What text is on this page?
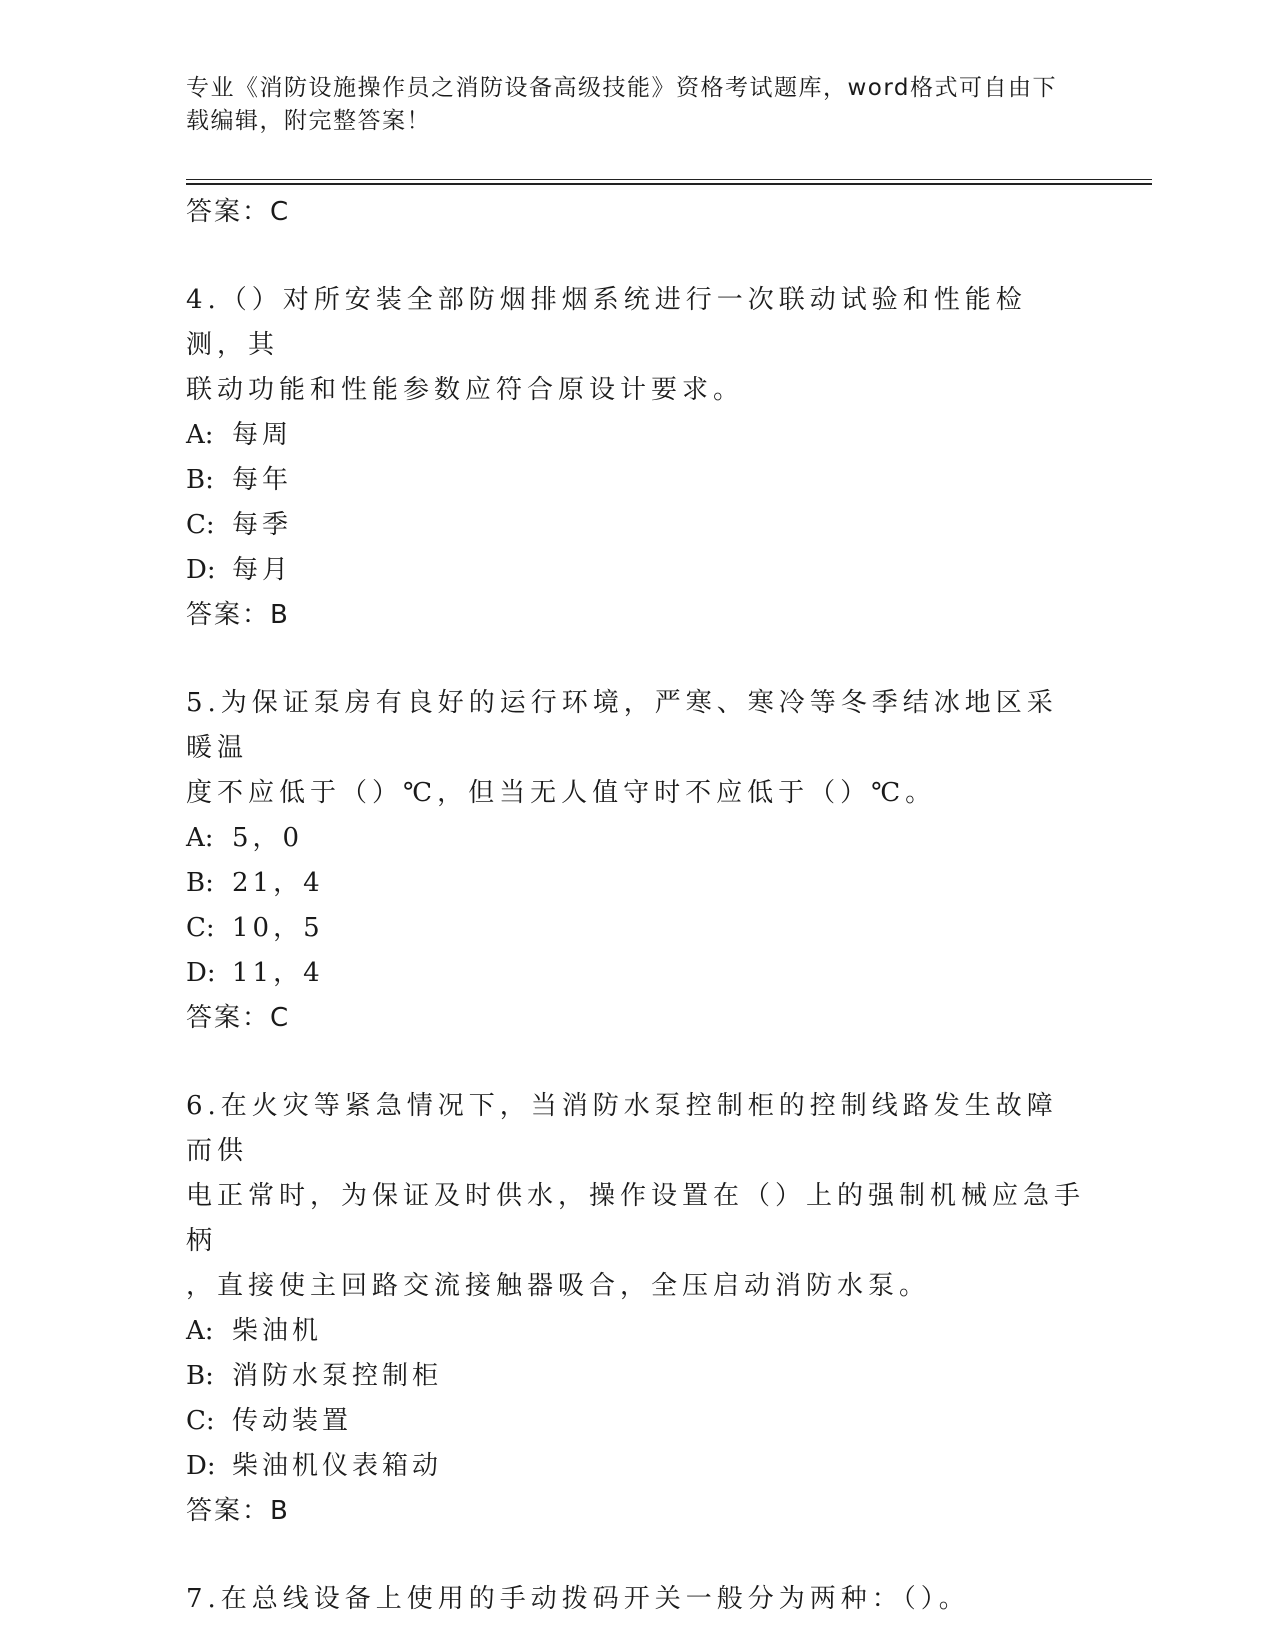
专业《消防设施操作员之消防设备高级技能》资格考试题库，word格式可自由下
载编辑，附完整答案！

答案：C

4.（）对所安装全部防烟排烟系统进行一次联动试验和性能检测，其

联动功能和性能参数应符合原设计要求。

A: 每周

B: 每年

C: 每季

D: 每月

答案：B

5.为保证泵房有良好的运行环境，严寒、寒冷等冬季结冰地区采暖温

度不应低于（）℃，但当无人值守时不应低于（）℃。

A: 5，0

B: 21，4

C: 10，5

D: 11，4

答案：C

6.在火灾等紧急情况下，当消防水泵控制柜的控制线路发生故障而供

电正常时，为保证及时供水，操作设置在（）上的强制机械应急手柄

，直接使主回路交流接触器吸合，全压启动消防水泵。

A: 柴油机

B: 消防水泵控制柜

C: 传动装置

D: 柴油机仪表箱动

答案：B

7.在总线设备上使用的手动拨码开关一般分为两种：（）。
